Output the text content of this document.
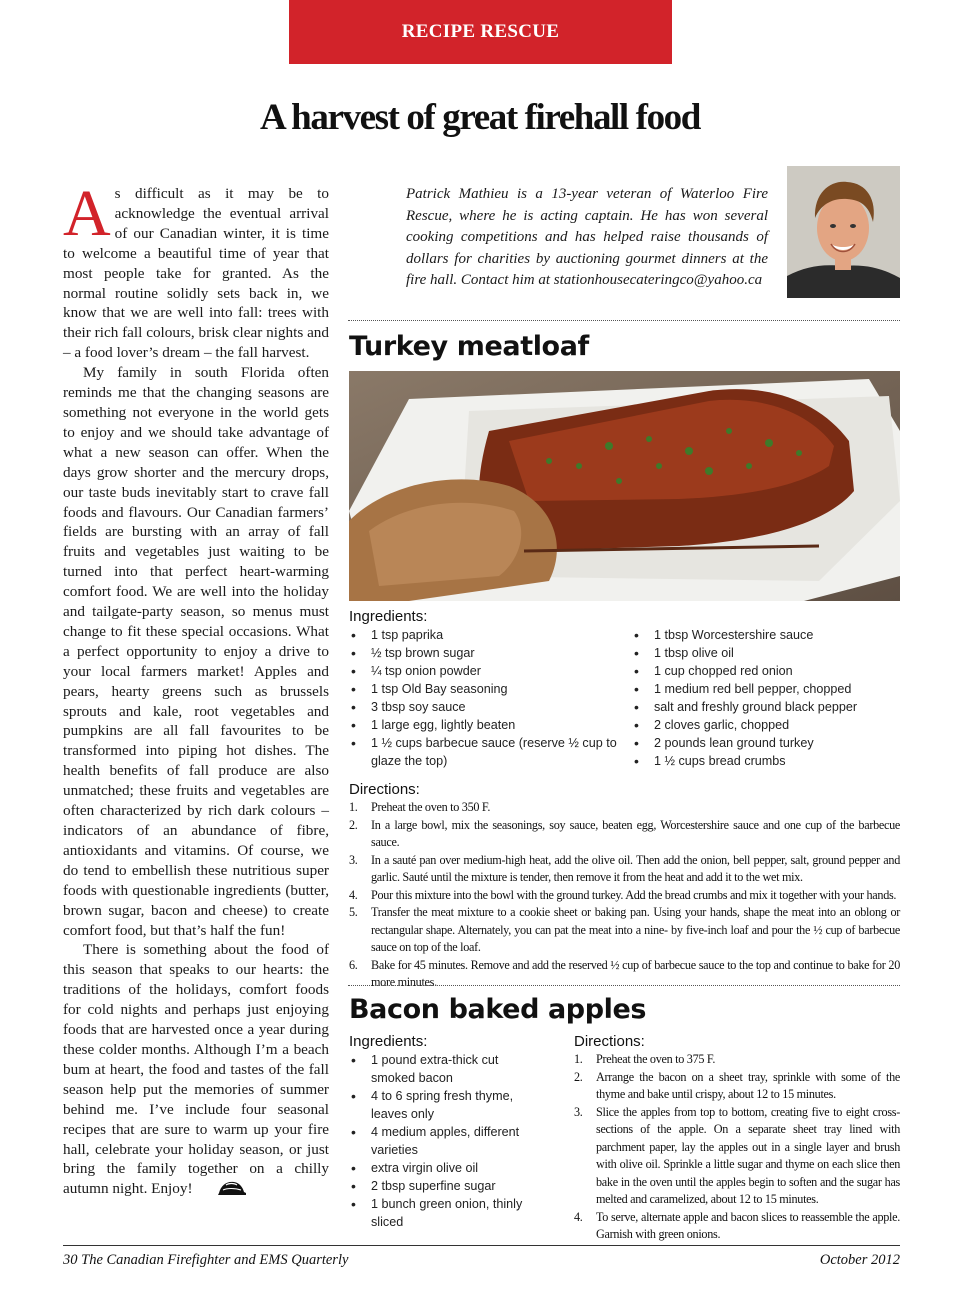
RECIPE RESCUE
A harvest of great firehall food

As difficult as it may be to acknowledge the eventual arrival of our Canadian winter, it is time to welcome a beautiful time of year that most people take for granted. As the normal routine solidly sets back in, we know that we are well into fall: trees with their rich fall colours, brisk clear nights and – a food lover’s dream – the fall harvest.

My family in south Florida often reminds me that the changing seasons are something not everyone in the world gets to enjoy and we should take advantage of what a new season can offer. When the days grow shorter and the mercury drops, our taste buds inevitably start to crave fall foods and flavours. Our Canadian farmers’ fields are bursting with an array of fall fruits and vegetables just waiting to be turned into that perfect heart-warming comfort food. We are well into the holiday and tailgate-party season, so menus must change to fit these special occasions. What a perfect opportunity to enjoy a drive to your local farmers market! Apples and pears, hearty greens such as brussels sprouts and kale, root vegetables and pumpkins are all fall favourites to be transformed into piping hot dishes. The health benefits of fall produce are also unmatched; these fruits and vegetables are often characterized by rich dark colours – indicators of an abundance of fibre, antioxidants and vitamins. Of course, we do tend to embellish these nutritious super foods with questionable ingredients (butter, brown sugar, bacon and cheese) to create comfort food, but that’s half the fun!

There is something about the food of this season that speaks to our hearts: the traditions of the holidays, comfort foods for cold nights and perhaps just enjoying foods that are harvested once a year during these colder months. Although I’m a beach bum at heart, the food and tastes of the fall season help put the memories of summer behind me. I’ve include four seasonal recipes that are sure to warm up your fire hall, celebrate your holiday season, or just bring the family together on a chilly autumn night. Enjoy!

Patrick Mathieu is a 13-year veteran of Waterloo Fire Rescue, where he is acting captain. He has won several cooking competitions and has helped raise thousands of dollars for charities by auctioning gourmet dinners at the fire hall. Contact him at stationhousecateringco@yahoo.ca
Turkey meatloaf
Ingredients:
• 1 tsp paprika
• ½ tsp brown sugar
• ¼ tsp onion powder
• 1 tsp Old Bay seasoning
• 3 tbsp soy sauce
• 1 large egg, lightly beaten
• 1 ½ cups barbecue sauce (reserve ½ cup to glaze the top)
• 1 tbsp Worcestershire sauce
• 1 tbsp olive oil
• 1 cup chopped red onion
• 1 medium red bell pepper, chopped
• salt and freshly ground black pepper
• 2 cloves garlic, chopped
• 2 pounds lean ground turkey
• 1 ½ cups bread crumbs
Directions:
1. Preheat the oven to 350 F.
2. In a large bowl, mix the seasonings, soy sauce, beaten egg, Worcestershire sauce and one cup of the barbecue sauce.
3. In a sauté pan over medium-high heat, add the olive oil. Then add the onion, bell pepper, salt, ground pepper and garlic. Sauté until the mixture is tender, then remove it from the heat and add it to the wet mix.
4. Pour this mixture into the bowl with the ground turkey. Add the bread crumbs and mix it together with your hands.
5. Transfer the meat mixture to a cookie sheet or baking pan. Using your hands, shape the meat into an oblong or rectangular shape. Alternately, you can pat the meat into a nine- by five-inch loaf and pour the ½ cup of barbecue sauce on top of the loaf.
6. Bake for 45 minutes. Remove and add the reserved ½ cup of barbecue sauce to the top and continue to bake for 20 more minutes.
Bacon baked apples
Ingredients:
• 1 pound extra-thick cut smoked bacon
• 4 to 6 spring fresh thyme, leaves only
• 4 medium apples, different varieties
• extra virgin olive oil
• 2 tbsp superfine sugar
• 1 bunch green onion, thinly sliced
Directions:
1. Preheat the oven to 375 F.
2. Arrange the bacon on a sheet tray, sprinkle with some of the thyme and bake until crispy, about 12 to 15 minutes.
3. Slice the apples from top to bottom, creating five to eight cross-sections of the apple. On a separate sheet tray lined with parchment paper, lay the apples out in a single layer and brush with olive oil. Sprinkle a little sugar and thyme on each slice then bake in the oven until the apples begin to soften and the sugar has melted and caramelized, about 12 to 15 minutes.
4. To serve, alternate apple and bacon slices to reassemble the apple. Garnish with green onions.
30 The Canadian Firefighter and EMS Quarterly	October 2012
